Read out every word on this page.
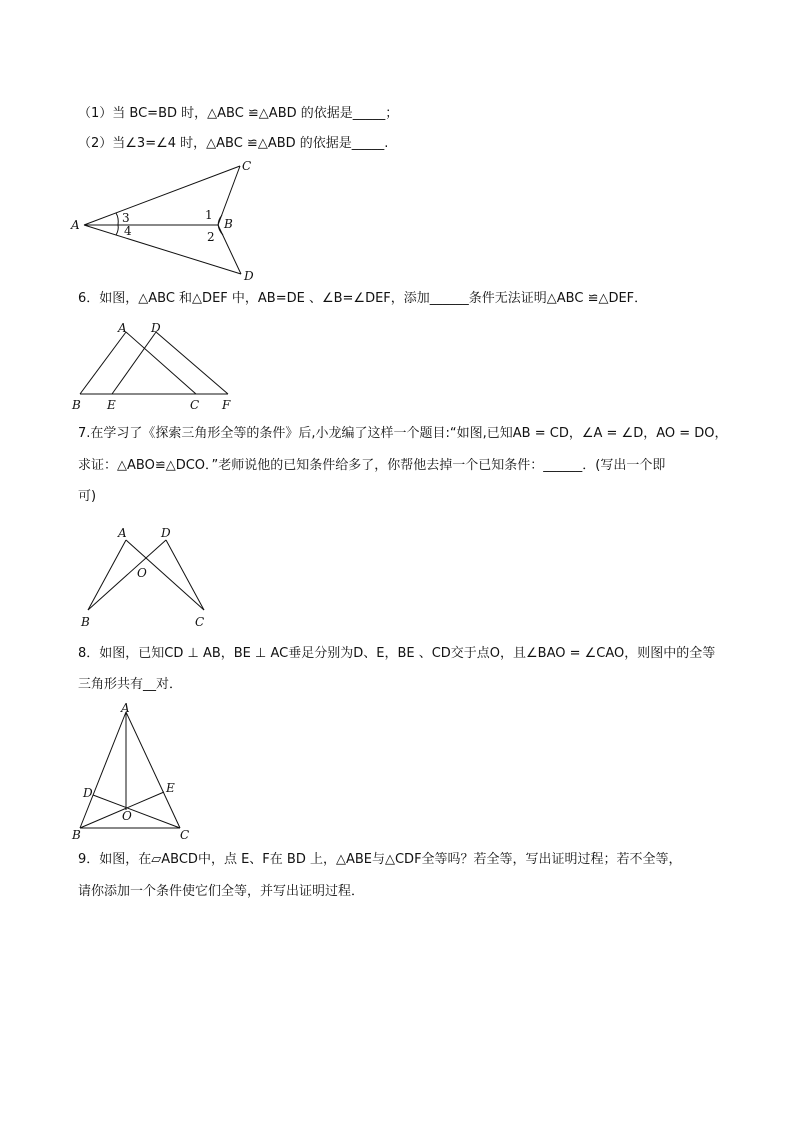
（1）当 BC=BD 时，△ABC ≌△ABD 的依据是_____；
（2）当∠3=∠4 时，△ABC ≌△ABD 的依据是_____.
A	B
C
D
1
2
3
4
6．如图，△ABC 和△DEF 中，AB=DE 、∠B=∠DEF，添加______条件无法证明△ABC ≌△DEF．
A D
B E	C F
7.在学习了《探索三角形全等的条件》后,小龙编了这样一个题目:“如图,已知AB = CD，∠A = ∠D，AO = DO，
求证：△ABO≌△DCO．”老师说他的已知条件给多了，你帮他去掉一个已知条件：______．(写出一个即
可)
A	D
O
B	C
8．如图，已知CD ⊥ AB，BE ⊥ AC垂足分别为D、E，BE 、CD交于点O，且∠BAO = ∠CAO，则图中的全等
三角形共有__对．
A
D	E
O
B	C
9．如图，在▱ABCD中，点 E、F在 BD 上，△ABE与△CDF全等吗？若全等，写出证明过程；若不全等，
请你添加一个条件使它们全等，并写出证明过程．
